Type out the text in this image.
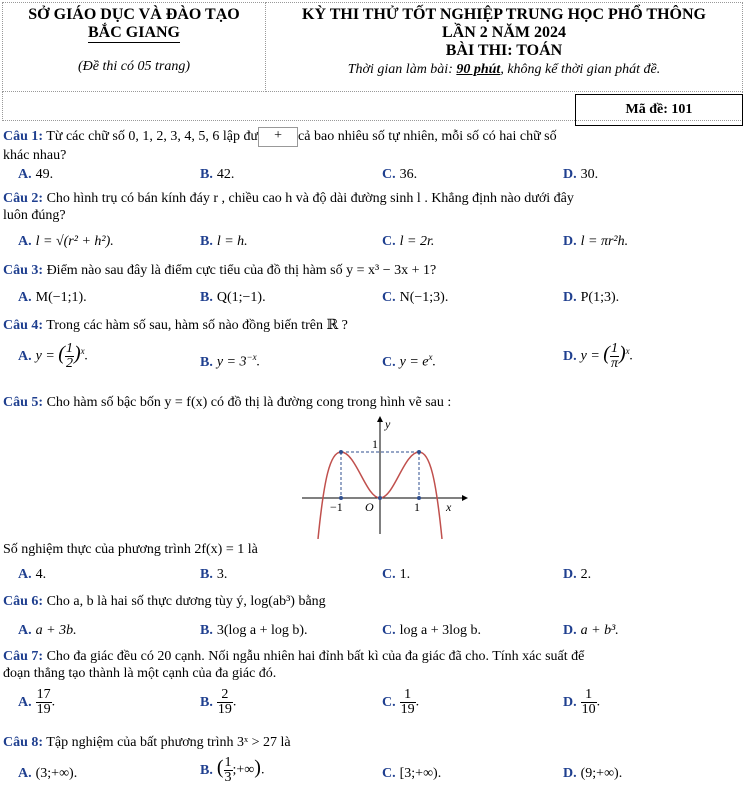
SỞ GIÁO DỤC VÀ ĐÀO TẠO
BẮC GIANG
(Đề thi có 05 trang)

KỲ THI THỬ TỐT NGHIỆP TRUNG HỌC PHỔ THÔNG
LẦN 2 NĂM 2024
BÀI THI: TOÁN
Thời gian làm bài: 90 phút, không kể thời gian phát đề.

Mã đề: 101
Câu 1: Từ các chữ số 0, 1, 2, 3, 4, 5, 6 lập đư + cả bao nhiêu số tự nhiên, mỗi số có hai chữ số
khác nhau?
A. 49.	B. 42.	C. 36.	D. 30.
Câu 2: Cho hình trụ có bán kính đáy r , chiều cao h và độ dài đường sinh l . Khẳng định nào dưới đây
luôn đúng?
A. l = √(r² + h²).	B. l = h.	C. l = 2r.	D. l = πr²h.
Câu 3: Điểm nào sau đây là điểm cực tiểu của đồ thị hàm số y = x³ − 3x + 1?
A. M(−1;1).	B. Q(1;−1).	C. N(−1;3).	D. P(1;3).
Câu 4: Trong các hàm số sau, hàm số nào đồng biến trên ℝ ?
A. y = ( $\frac{1}{2} )^x$.	B. $y = 3^{-x}$.	C. $y = e^x$.	D. y = ( $\frac{1}{\pi} )^x$.
Câu 5: Cho hàm số bậc bốn y = f(x) có đồ thị là đường cong trong hình vẽ sau :
y
x
1
−1	1
O
Số nghiệm thực của phương trình 2f(x) = 1 là
A. 4.	B. 3.	C. 1.	D. 2.
Câu 6: Cho a, b là hai số thực dương tùy ý, log(ab³) bằng
A. a + 3b.	B. 3(log a + log b).	C. log a + 3log b.	D. a + b³.
Câu 7: Cho đa giác đều có 20 cạnh. Nối ngẫu nhiên hai đỉnh bất kì của đa giác đã cho. Tính xác suất để
đoạn thẳng tạo thành là một cạnh của đa giác đó.
A. $\frac{17}{19}$ .	B. $\frac{2}{19}$ .	C. $\frac{1}{19}$ .	D. $\frac{1}{10}$ .
Câu 8: Tập nghiệm của bất phương trình 3ˣ > 27 là
A. (3;+∞).	B. ( $\frac{1}{3}$ ;+∞).	C. [3;+∞).	D. (9;+∞).
